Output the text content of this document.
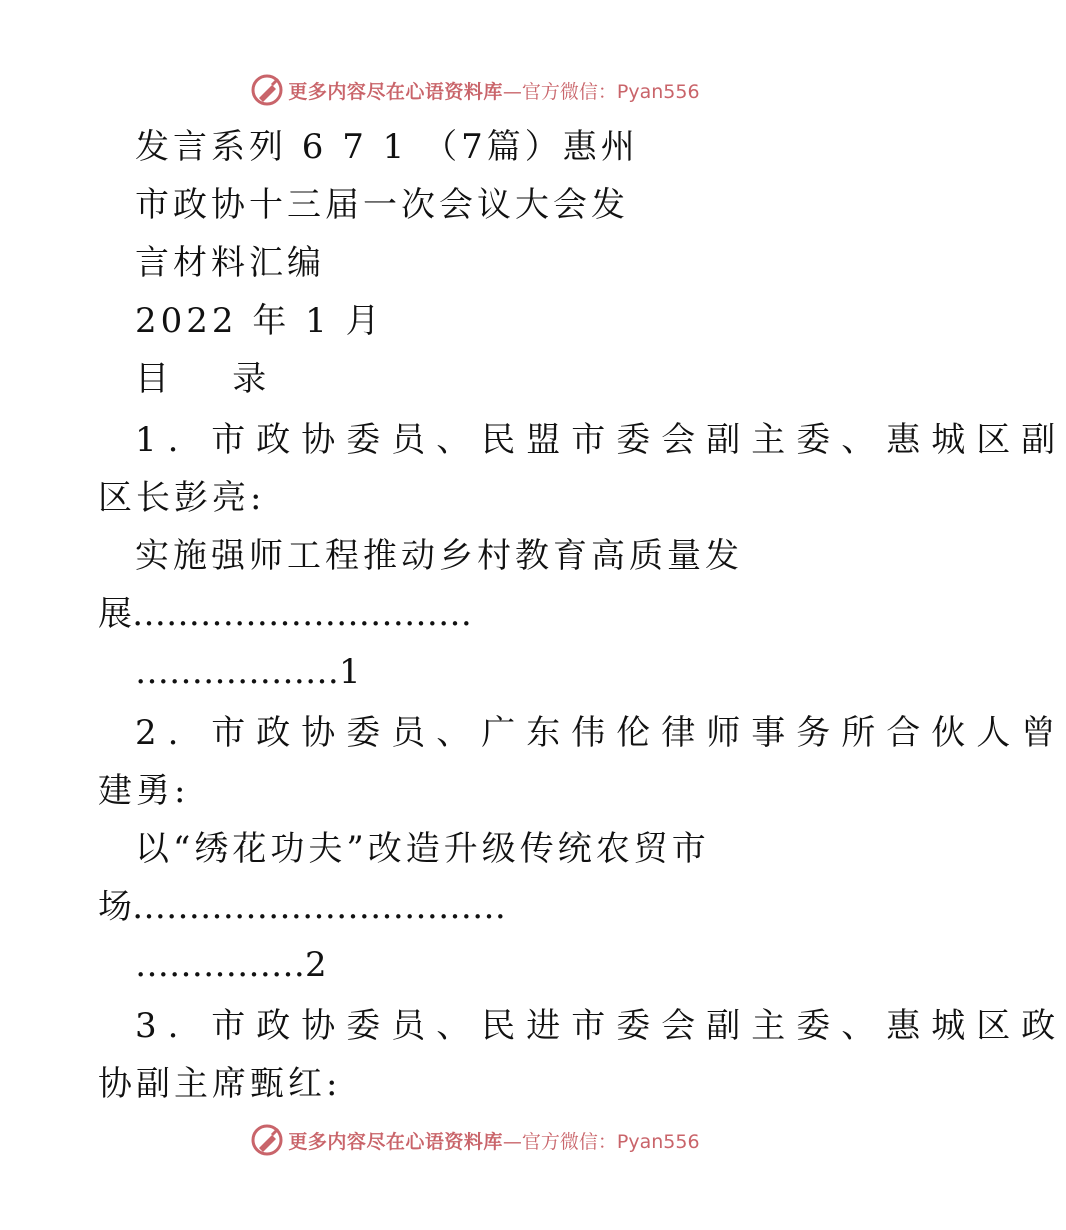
更多内容尽在心语资料库 —官方微信：Pyan556
发言系列 6 7 1 （7篇）惠州
市政协十三届一次会议大会发
言材料汇编
2022 年 1 月
目    录
1. 市政协委员、民盟市委会副主委、惠城区副
区长彭亮:
实施强师工程推动乡村教育高质量发
展…………………………
………………1
2. 市政协委员、广东伟伦律师事务所合伙人曾
建勇:
以“绣花功夫”改造升级传统农贸市
场……………………………
……………2
3. 市政协委员、民进市委会副主委、惠城区政
协副主席甄红:
更多内容尽在心语资料库 —官方微信：Pyan556
